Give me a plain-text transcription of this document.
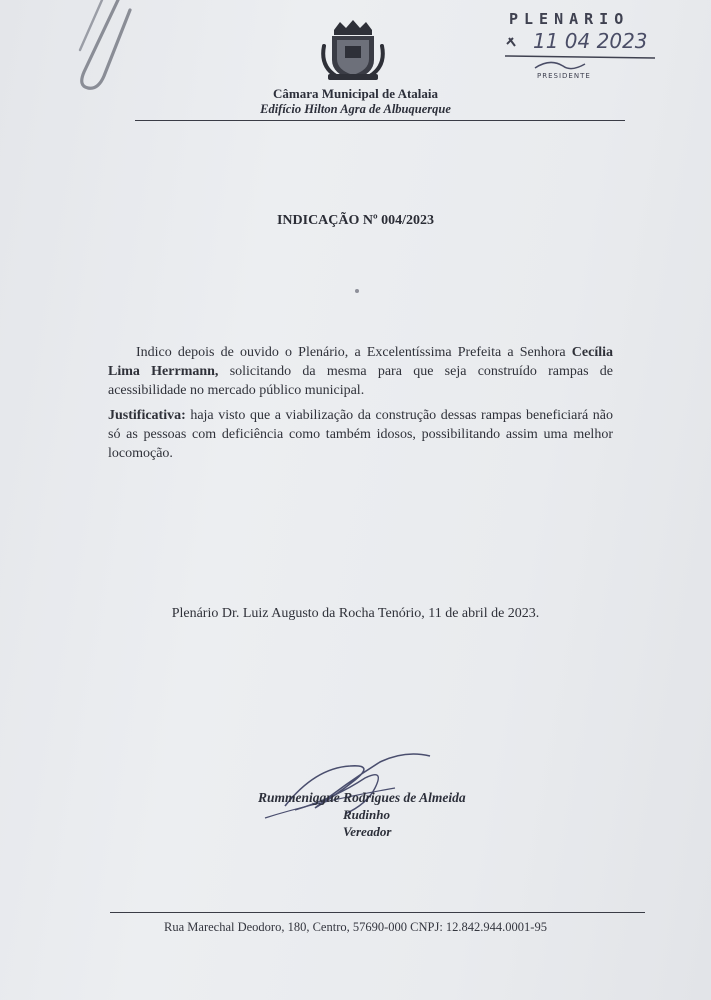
Câmara Municipal de Atalaia
Edifício Hilton Agra de Albuquerque
PLENARIO
11 04 2023
PRESIDENTE
INDICAÇÃO Nº 004/2023

Indico depois de ouvido o Plenário, a Excelentíssima Prefeita a Senhora Cecília Lima Herrmann, solicitando da mesma para que seja construído rampas de acessibilidade no mercado público municipal.

Justificativa: haja visto que a viabilização da construção dessas rampas beneficiará não só as pessoas com deficiência como também idosos, possibilitando assim uma melhor locomoção.

Plenário Dr. Luiz Augusto da Rocha Tenório, 11 de abril de 2023.
Rummeniggue Rodrigues de Almeida
Rudinho
Vereador
Rua Marechal Deodoro, 180, Centro, 57690-000 CNPJ: 12.842.944.0001-95
